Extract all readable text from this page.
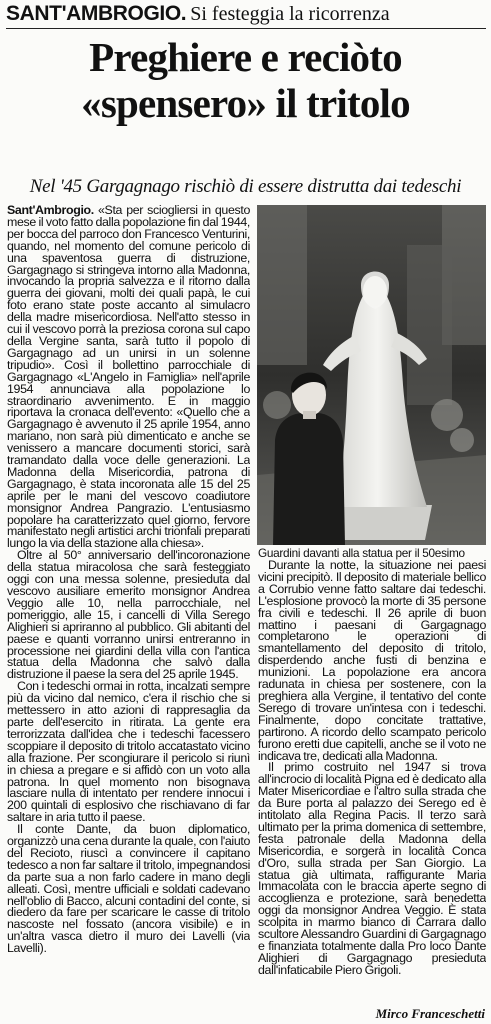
SANT'AMBROGIO. Si festeggia la ricorrenza
Preghiere e reciòto
«spensero» il tritolo
Nel '45 Gargagnago rischiò di essere distrutta dai tedeschi

Sant'Ambrogio. «Sta per sciogliersi in questo mese il voto fatto dalla popolazione fin dal 1944, per bocca del parroco don Francesco Venturini, quando, nel momento del comune pericolo di una spaventosa guerra di distruzione, Gargagnago si stringeva intorno alla Madonna, invocando la propria salvezza e il ritorno dalla guerra dei giovani, molti dei quali papà, le cui foto erano state poste accanto al simulacro della madre misericordiosa. Nell'atto stesso in cui il vescovo porrà la preziosa corona sul capo della Vergine santa, sarà tutto il popolo di Gargagnago ad un unirsi in un solenne tripudio». Così il bollettino parrocchiale di Gargagnago «L'Angelo in Famiglia» nell'aprile 1954 annunciava alla popolazione lo straordinario avvenimento. E in maggio riportava la cronaca dell'evento: «Quello che a Gargagnago è avvenuto il 25 aprile 1954, anno mariano, non sarà più dimenticato e anche se venissero a mancare documenti storici, sarà tramandato dalla voce delle generazioni. La Madonna della Misericordia, patrona di Gargagnago, è stata incoronata alle 15 del 25 aprile per le mani del vescovo coadiutore monsignor Andrea Pangrazio. L'entusiasmo popolare ha caratterizzato quel giorno, fervore manifestato negli artistici archi trionfali preparati lungo la via della stazione alla chiesa».

Oltre al 50° anniversario dell'incoronazione della statua miracolosa che sarà festeggiato oggi con una messa solenne, presieduta dal vescovo ausiliare emerito monsignor Andrea Veggio alle 10, nella parrocchiale, nel pomeriggio, alle 15, i cancelli di Villa Serego Alighieri si apriranno al pubblico. Gli abitanti del paese e quanti vorranno unirsi entreranno in processione nei giardini della villa con l'antica statua della Madonna che salvò dalla distruzione il paese la sera del 25 aprile 1945.

Con i tedeschi ormai in rotta, incalzati sempre più da vicino dal nemico, c'era il rischio che si mettessero in atto azioni di rappresaglia da parte dell'esercito in ritirata. La gente era terrorizzata dall'idea che i tedeschi facessero scoppiare il deposito di tritolo accatastato vicino alla frazione. Per scongiurare il pericolo si riunì in chiesa a pregare e si affidò con un voto alla patrona. In quel momento non bisognava lasciare nulla di intentato per rendere innocui i 200 quintali di esplosivo che rischiavano di far saltare in aria tutto il paese.

Il conte Dante, da buon diplomatico, organizzò una cena durante la quale, con l'aiuto del Recioto, riuscì a convincere il capitano tedesco a non far saltare il tritolo, impegnandosi da parte sua a non farlo cadere in mano degli alleati. Così, mentre ufficiali e soldati cadevano nell'oblio di Bacco, alcuni contadini del conte, si diedero da fare per scaricare le casse di tritolo nascoste nel fossato (ancora visibile) e in un'altra vasca dietro il muro dei Lavelli (via Lavelli).

Guardini davanti alla statua per il 50esimo

Durante la notte, la situazione nei paesi vicini precipitò. Il deposito di materiale bellico a Corrubio venne fatto saltare dai tedeschi. L'esplosione provocò la morte di 35 persone fra civili e tedeschi. Il 26 aprile di buon mattino i paesani di Gargagnago completarono le operazioni di smantellamento del deposito di tritolo, disperdendo anche fusti di benzina e munizioni. La popolazione era ancora radunata in chiesa per sostenere, con la preghiera alla Vergine, il tentativo del conte Serego di trovare un'intesa con i tedeschi. Finalmente, dopo concitate trattative, partirono. A ricordo dello scampato pericolo furono eretti due capitelli, anche se il voto ne indicava tre, dedicati alla Madonna.

Il primo costruito nel 1947 si trova all'incrocio di località Pigna ed è dedicato alla Mater Misericordiae e l'altro sulla strada che da Bure porta al palazzo dei Serego ed è intitolato alla Regina Pacis. Il terzo sarà ultimato per la prima domenica di settembre, festa patronale della Madonna della Misericordia, e sorgerà in località Conca d'Oro, sulla strada per San Giorgio. La statua già ultimata, raffigurante Maria Immacolata con le braccia aperte segno di accoglienza e protezione, sarà benedetta oggi da monsignor Andrea Veggio. È stata scolpita in marmo bianco di Carrara dallo scultore Alessandro Guardini di Gargagnago e finanziata totalmente dalla Pro loco Dante Alighieri di Gargagnago presieduta dall'infaticabile Piero Grigoli.

Mirco Franceschetti
